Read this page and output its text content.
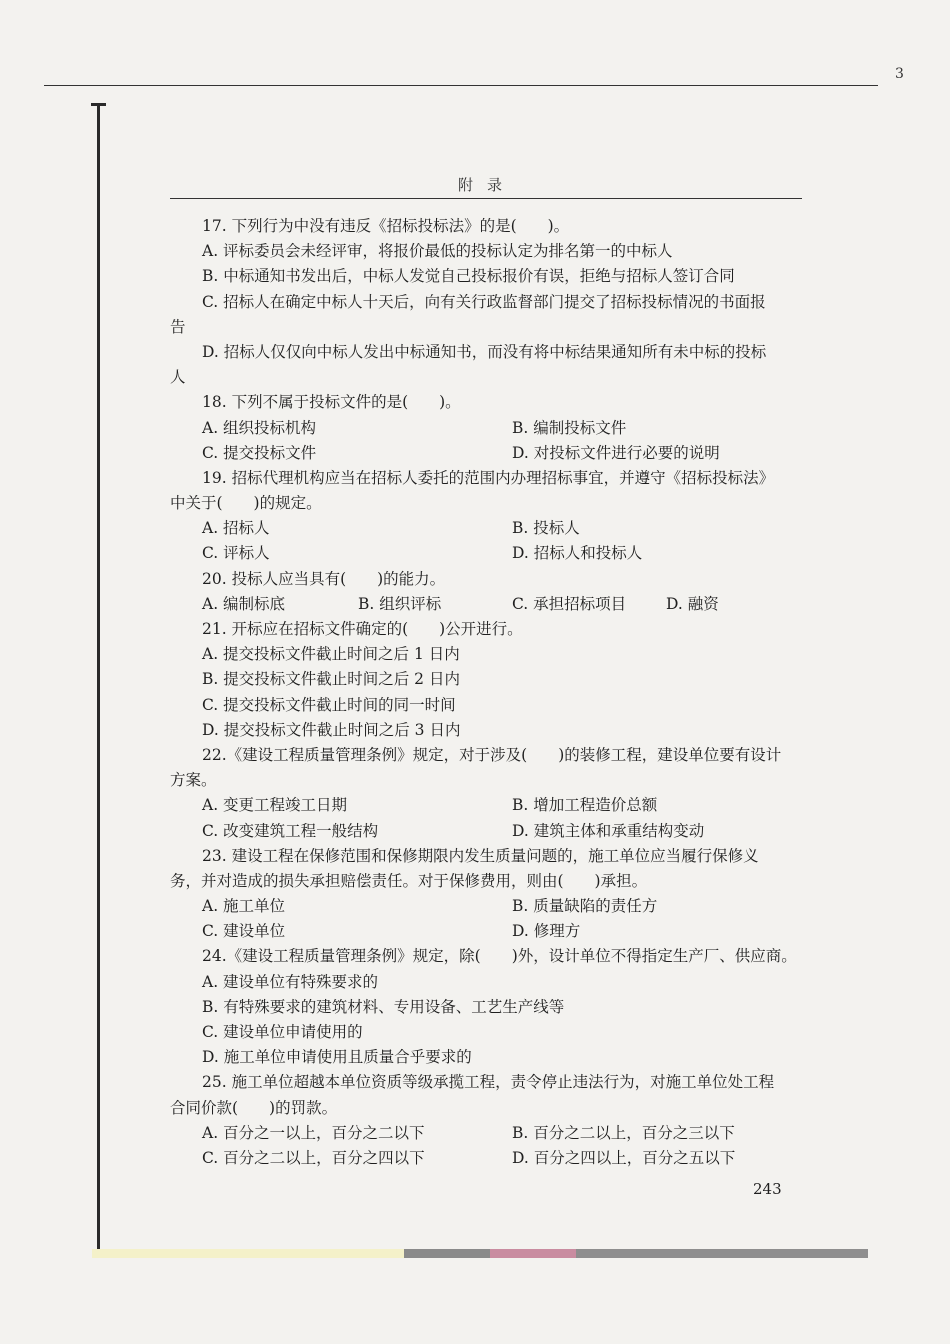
3
附录
17. 下列行为中没有违反《招标投标法》的是(　　)。
A. 评标委员会未经评审，将报价最低的投标认定为排名第一的中标人
B. 中标通知书发出后，中标人发觉自己投标报价有误，拒绝与招标人签订合同
C. 招标人在确定中标人十天后，向有关行政监督部门提交了招标投标情况的书面报
告
D. 招标人仅仅向中标人发出中标通知书，而没有将中标结果通知所有未中标的投标
人
18. 下列不属于投标文件的是(　　)。
A. 组织投标机构	B. 编制投标文件
C. 提交投标文件	D. 对投标文件进行必要的说明
19. 招标代理机构应当在招标人委托的范围内办理招标事宜，并遵守《招标投标法》
中关于(　　)的规定。
A. 招标人	B. 投标人
C. 评标人	D. 招标人和投标人
20. 投标人应当具有(　　)的能力。
A. 编制标底	B. 组织评标	C. 承担招标项目	D. 融资
21. 开标应在招标文件确定的(　　)公开进行。
A. 提交投标文件截止时间之后 1 日内
B. 提交投标文件截止时间之后 2 日内
C. 提交投标文件截止时间的同一时间
D. 提交投标文件截止时间之后 3 日内
22.《建设工程质量管理条例》规定，对于涉及(　　)的装修工程，建设单位要有设计
方案。
A. 变更工程竣工日期	B. 增加工程造价总额
C. 改变建筑工程一般结构	D. 建筑主体和承重结构变动
23. 建设工程在保修范围和保修期限内发生质量问题的，施工单位应当履行保修义
务，并对造成的损失承担赔偿责任。对于保修费用，则由(　　)承担。
A. 施工单位	B. 质量缺陷的责任方
C. 建设单位	D. 修理方
24.《建设工程质量管理条例》规定，除(　　)外，设计单位不得指定生产厂、供应商。
A. 建设单位有特殊要求的
B. 有特殊要求的建筑材料、专用设备、工艺生产线等
C. 建设单位申请使用的
D. 施工单位申请使用且质量合乎要求的
25. 施工单位超越本单位资质等级承揽工程，责令停止违法行为，对施工单位处工程
合同价款(　　)的罚款。
A. 百分之一以上，百分之二以下	B. 百分之二以上，百分之三以下
C. 百分之二以上，百分之四以下	D. 百分之四以上，百分之五以下
243
